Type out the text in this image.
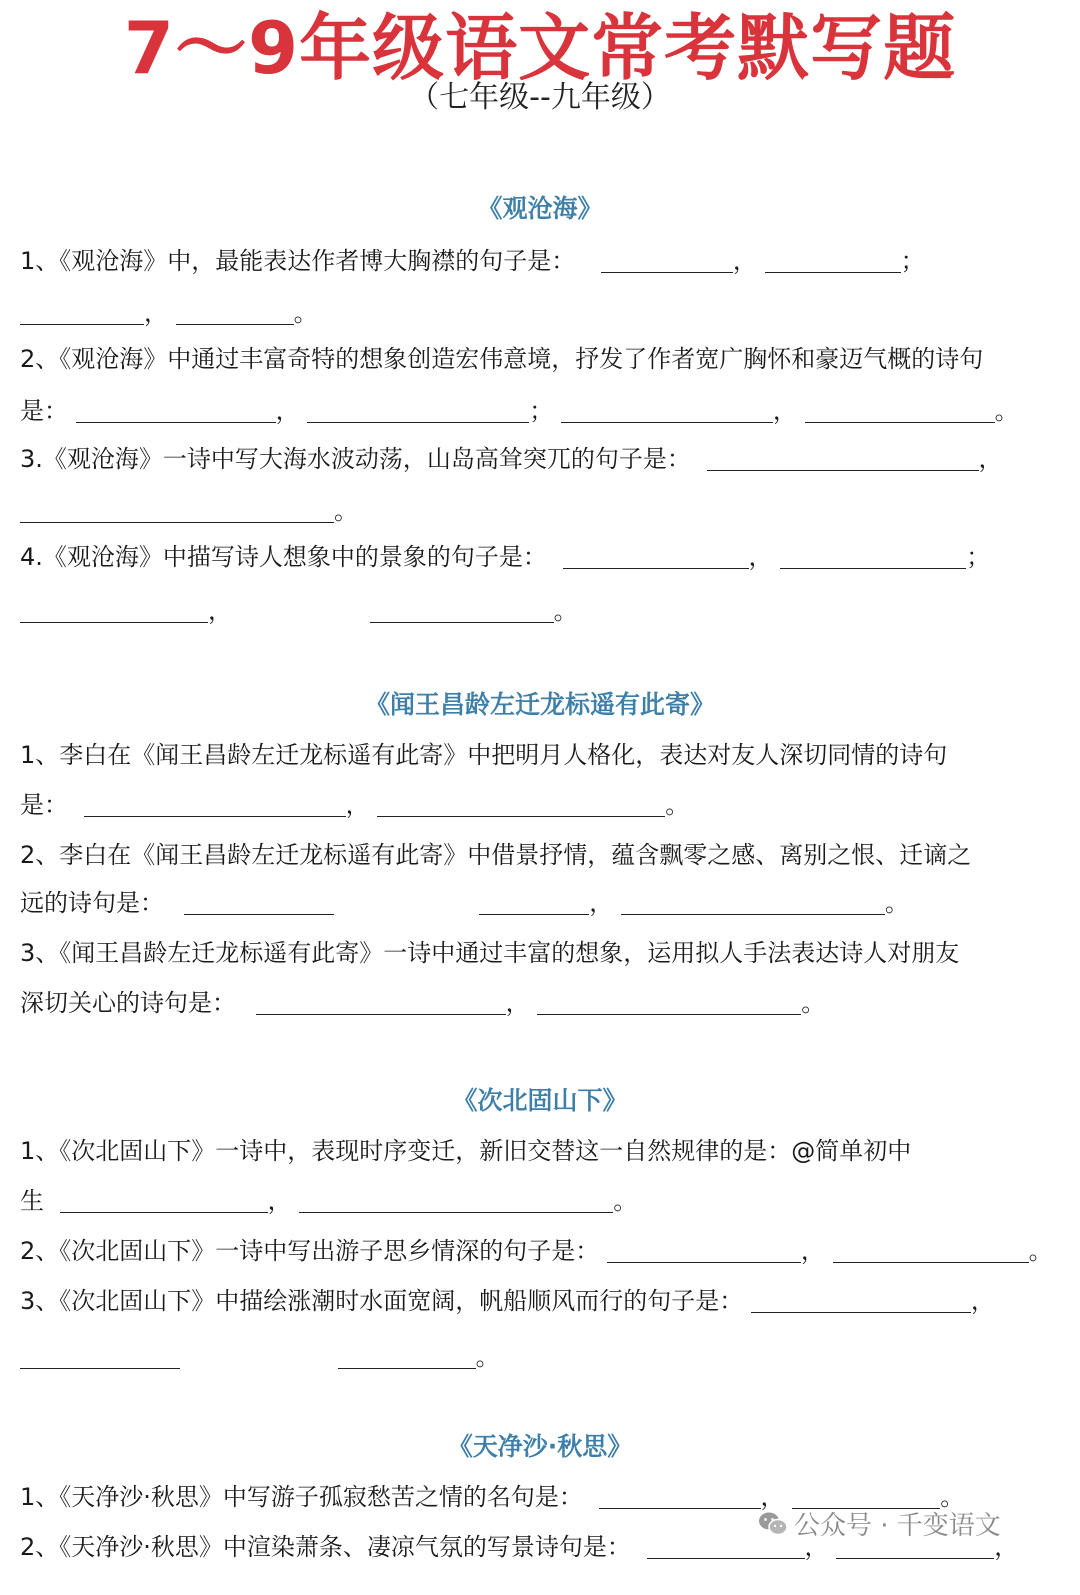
7～9年级语文常考默写题
（七年级--九年级）
《观沧海》
1、《观沧海》中，最能表达作者博大胸襟的句子是：	，	；
，	。
2、《观沧海》中通过丰富奇特的想象创造宏伟意境，抒发了作者宽广胸怀和豪迈气概的诗句
是：	，	；	，	。
3.《观沧海》一诗中写大海水波动荡，山岛高耸突兀的句子是：	，
。
4.《观沧海》中描写诗人想象中的景象的句子是：	，	；
，	。
《闻王昌龄左迁龙标遥有此寄》
1、李白在《闻王昌龄左迁龙标遥有此寄》中把明月人格化，表达对友人深切同情的诗句
是：	，	。
2、李白在《闻王昌龄左迁龙标遥有此寄》中借景抒情，蕴含飘零之感、离别之恨、迁谪之
远的诗句是：	，	。
3、《闻王昌龄左迁龙标遥有此寄》一诗中通过丰富的想象，运用拟人手法表达诗人对朋友
深切关心的诗句是：	，	。
《次北固山下》
1、《次北固山下》一诗中，表现时序变迁，新旧交替这一自然规律的是：@简单初中
生	，	。
2、《次北固山下》一诗中写出游子思乡情深的句子是：	，	。
3、《次北固山下》中描绘涨潮时水面宽阔，帆船顺风而行的句子是：	，
。
《天净沙·秋思》
1、《天净沙·秋思》中写游子孤寂愁苦之情的名句是：	，	。
2、《天净沙·秋思》中渲染萧条、凄凉气氛的写景诗句是：	，	，
公众号 · 千变语文
